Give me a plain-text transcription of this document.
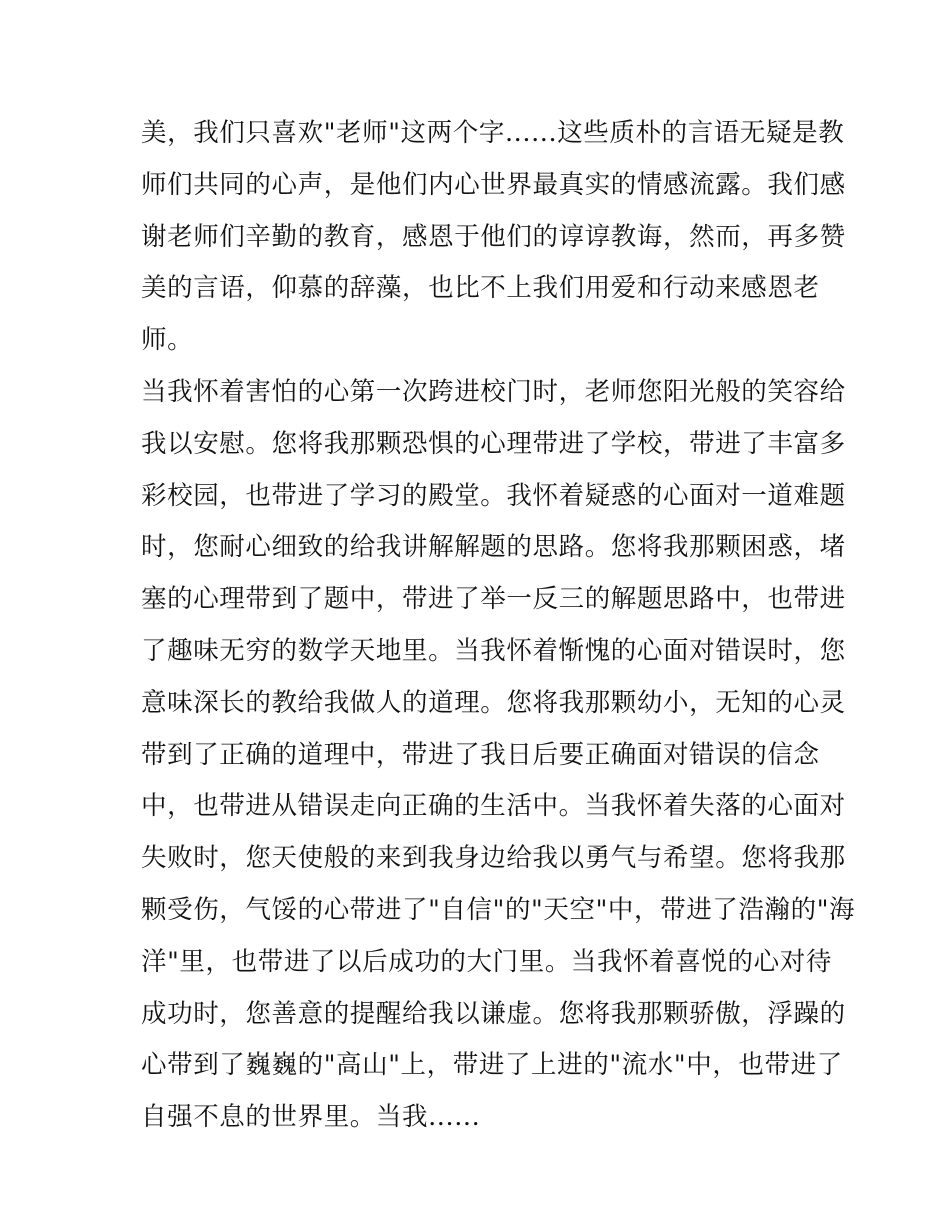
美，我们只喜欢"老师"这两个字......这些质朴的言语无疑是教
师们共同的心声，是他们内心世界最真实的情感流露。我们感
谢老师们辛勤的教育，感恩于他们的谆谆教诲，然而，再多赞
美的言语，仰慕的辞藻，也比不上我们用爱和行动来感恩老
师。
当我怀着害怕的心第一次跨进校门时，老师您阳光般的笑容给
我以安慰。您将我那颗恐惧的心理带进了学校，带进了丰富多
彩校园，也带进了学习的殿堂。我怀着疑惑的心面对一道难题
时，您耐心细致的给我讲解解题的思路。您将我那颗困惑，堵
塞的心理带到了题中，带进了举一反三的解题思路中，也带进
了趣味无穷的数学天地里。当我怀着惭愧的心面对错误时，您
意味深长的教给我做人的道理。您将我那颗幼小，无知的心灵
带到了正确的道理中，带进了我日后要正确面对错误的信念
中，也带进从错误走向正确的生活中。当我怀着失落的心面对
失败时，您天使般的来到我身边给我以勇气与希望。您将我那
颗受伤，气馁的心带进了"自信"的"天空"中，带进了浩瀚的"海
洋"里，也带进了以后成功的大门里。当我怀着喜悦的心对待
成功时，您善意的提醒给我以谦虚。您将我那颗骄傲，浮躁的
心带到了巍巍的"高山"上，带进了上进的"流水"中，也带进了
自强不息的世界里。当我......
